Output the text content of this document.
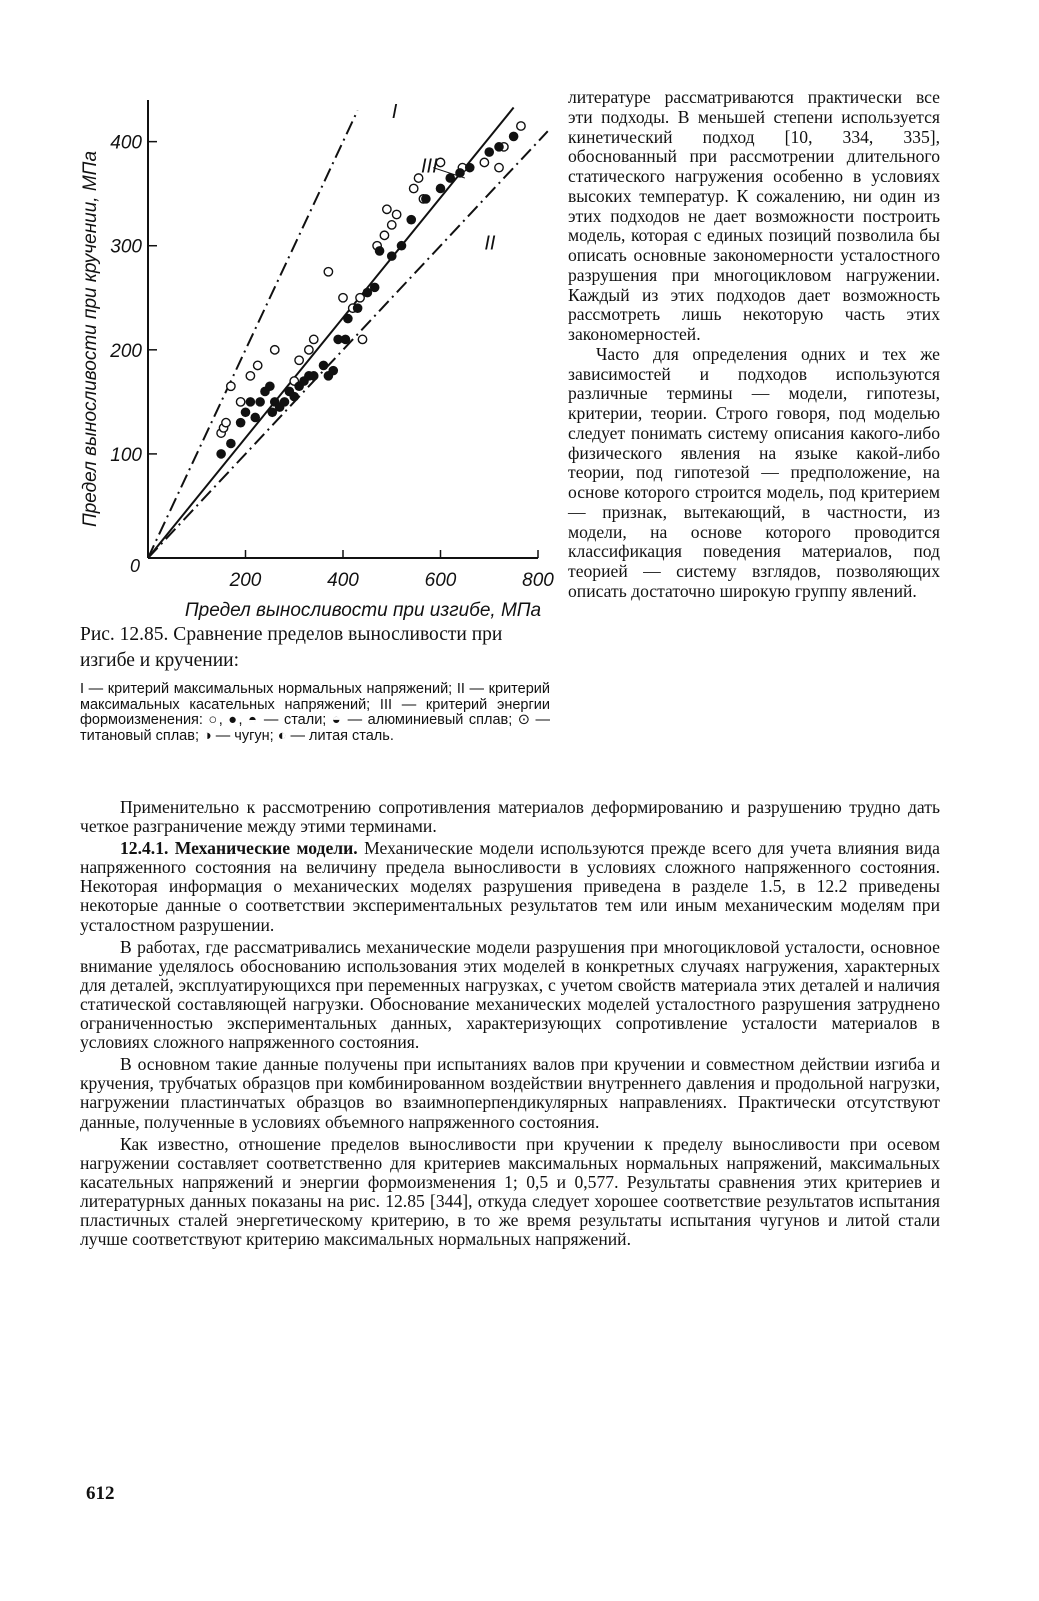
200	400	600	800
100
200
300
400
0
Предел выносливости при изгибе, МПа
Предел выносливости при кручении, МПа
I
II
III

Рис. 12.85. Сравнение пределов выносливости при изгибе и кручении:

I — критерий максимальных нормальных напряжений; II — критерий максимальных касательных напряжений; III — критерий энергии формоизменения: ○, ●, ◓ — стали; ◒ — алюминиевый сплав; ⊙ — титановый сплав; ◑ — чугун; ◐ — литая сталь.

литературе рассматриваются практически все эти подходы. В меньшей степени используется кинетический подход [10, 334, 335], обоснованный при рассмотрении длительного статического нагружения особенно в условиях высоких температур. К сожалению, ни один из этих подходов не дает возможности построить модель, которая с единых позиций позволила бы описать основные закономерности усталостного разрушения при многоцикловом нагружении. Каждый из этих подходов дает возможность рассмотреть лишь некоторую часть этих закономерностей.

Часто для определения одних и тех же зависимостей и подходов используются различные термины — модели, гипотезы, критерии, теории. Строго говоря, под моделью следует понимать систему описания какого-либо физического явления на языке какой-либо теории, под гипотезой — предположение, на основе которого строится модель, под критерием — признак, вытекающий, в частности, из модели, на основе которого проводится классификация поведения материалов, под теорией — систему взглядов, позволяющих описать достаточно широкую группу явлений.

Применительно к рассмотрению сопротивления материалов деформированию и разрушению трудно дать четкое разграничение между этими терминами.

12.4.1. Механические модели. Механические модели используются прежде всего для учета влияния вида напряженного состояния на величину предела выносливости в условиях сложного напряженного состояния. Некоторая информация о механических моделях разрушения приведена в разделе 1.5, в 12.2 приведены некоторые данные о соответствии экспериментальных результатов тем или иным механическим моделям при усталостном разрушении.

В работах, где рассматривались механические модели разрушения при многоцикловой усталости, основное внимание уделялось обоснованию использования этих моделей в конкретных случаях нагружения, характерных для деталей, эксплуатирующихся при переменных нагрузках, с учетом свойств материала этих деталей и наличия статической составляющей нагрузки. Обоснование механических моделей усталостного разрушения затруднено ограниченностью экспериментальных данных, характеризующих сопротивление усталости материалов в условиях сложного напряженного состояния.

В основном такие данные получены при испытаниях валов при кручении и совместном действии изгиба и кручения, трубчатых образцов при комбинированном воздействии внутреннего давления и продольной нагрузки, нагружении пластинчатых образцов во взаимноперпендикулярных направлениях. Практически отсутствуют данные, полученные в условиях объемного напряженного состояния.

Как известно, отношение пределов выносливости при кручении к пределу выносливости при осевом нагружении составляет соответственно для критериев максимальных нормальных напряжений, максимальных касательных напряжений и энергии формоизменения 1; 0,5 и 0,577. Результаты сравнения этих критериев и литературных данных показаны на рис. 12.85 [344], откуда следует хорошее соответствие результатов испытания пластичных сталей энергетическому критерию, в то же время результаты испытания чугунов и литой стали лучше соответствуют критерию максимальных нормальных напряжений.

612
